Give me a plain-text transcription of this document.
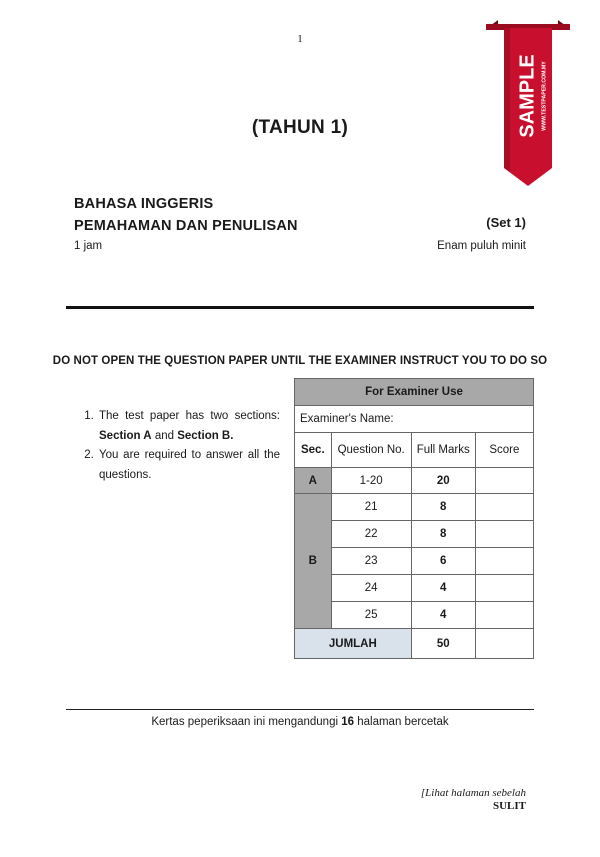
1
SAMPLE WWW.TESTPAPER.COM.MY
(TAHUN 1)
BAHASA INGGERIS
PEMAHAMAN DAN PENULISAN	(Set 1)
1 jam	Enam puluh minit
DO NOT OPEN THE QUESTION PAPER UNTIL THE EXAMINER INSTRUCT YOU TO DO SO
1. The test paper has two sections: Section A and Section B.
2. You are required to answer all the questions.
For Examiner Use			
Examiner's Name:			
Sec.	Question No.	Full Marks	Score
A	1-20	20	
B	21	8	
	22	8	
	23	6	
	24	4	
	25	4	
JUMLAH		50	
Kertas peperiksaan ini mengandungi 16 halaman bercetak
[Lihat halaman sebelah
SULIT
